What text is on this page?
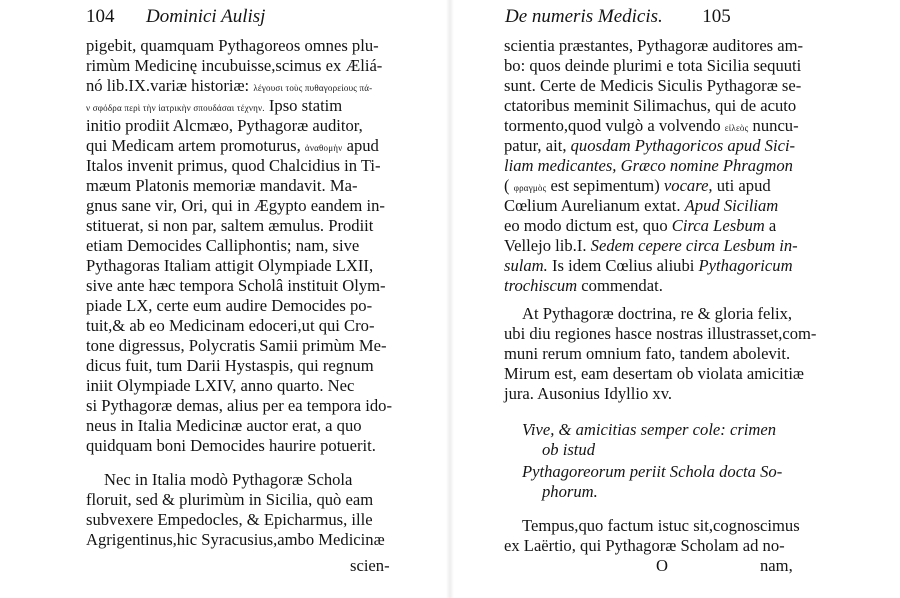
104 Dominici Aulisj
pigebit, quamquam Pythagoreos omnes plu-
rimùm Medicinę incubuisse,scimus ex Æliá-
nó lib.IX.variæ historiæ: λέγουσι τοὺς πυθαγορείους πά-
ν σφόδρα περὶ τὴν ἰατρικὴν σπουδάσαι τέχνην. Ipso statim
initio prodiit Alcmæo, Pythagoræ auditor,
qui Medicam artem promoturus, ἀναθομὴν apud
Italos invenit primus, quod Chalcidius in Ti-
mæum Platonis memoriæ mandavit. Ma-
gnus sane vir, Ori, qui in Ægypto eandem in-
stituerat, si non par, saltem æmulus. Prodiit
etiam Democides Calliphontis; nam, sive
Pythagoras Italiam attigit Olympiade LXII,
sive ante hæc tempora Scholâ instituit Olym-
piade LX, certe eum audire Democides po-
tuit,& ab eo Medicinam edoceri,ut qui Cro-
tone digressus, Polycratis Samii primùm Me-
dicus fuit, tum Darii Hystaspis, qui regnum
iniit Olympiade LXIV, anno quarto. Nec
si Pythagoræ demas, alius per ea tempora ido-
neus in Italia Medicinæ auctor erat, a quo
quidquam boni Democides haurire potuerit.
Nec in Italia modò Pythagoræ Schola
floruit, sed & plurimùm in Sicilia, quò eam
subvexere Empedocles, & Epicharmus, ille
Agrigentinus,hic Syracusius,ambo Medicinæ
scien-
De numeris Medicis. 105
scientia præstantes, Pythagoræ auditores am-
bo: quos deinde plurimi e tota Sicilia sequuti
sunt. Certe de Medicis Siculis Pythagoræ se-
ctatoribus meminit Silimachus, qui de acuto
tormento,quod vulgò a volvendo εἰλεὸς nuncu-
patur, ait, quosdam Pythagoricos apud Sici-
liam medicantes, Græco nomine Phragmon
( φραγμὸς est sepimentum) vocare, uti apud
Cœlium Aurelianum extat. Apud Siciliam
eo modo dictum est, quo Circa Lesbum a
Vellejo lib.I. Sedem cepere circa Lesbum in-
sulam. Is idem Cœlius aliubi Pythagoricum
trochiscum commendat.
At Pythagoræ doctrina, re & gloria felix,
ubi diu regiones hasce nostras illustrasset,com-
muni rerum omnium fato, tandem abolevit.
Mirum est, eam desertam ob violata amicitiæ
jura. Ausonius Idyllio xv.
Vive, & amicitias semper cole: crimen
ob istud
Pythagoreorum periit Schola docta So-
phorum.
Tempus,quo factum istuc sit,cognoscimus
ex Laërtio, qui Pythagoræ Scholam ad no-
O	nam,
